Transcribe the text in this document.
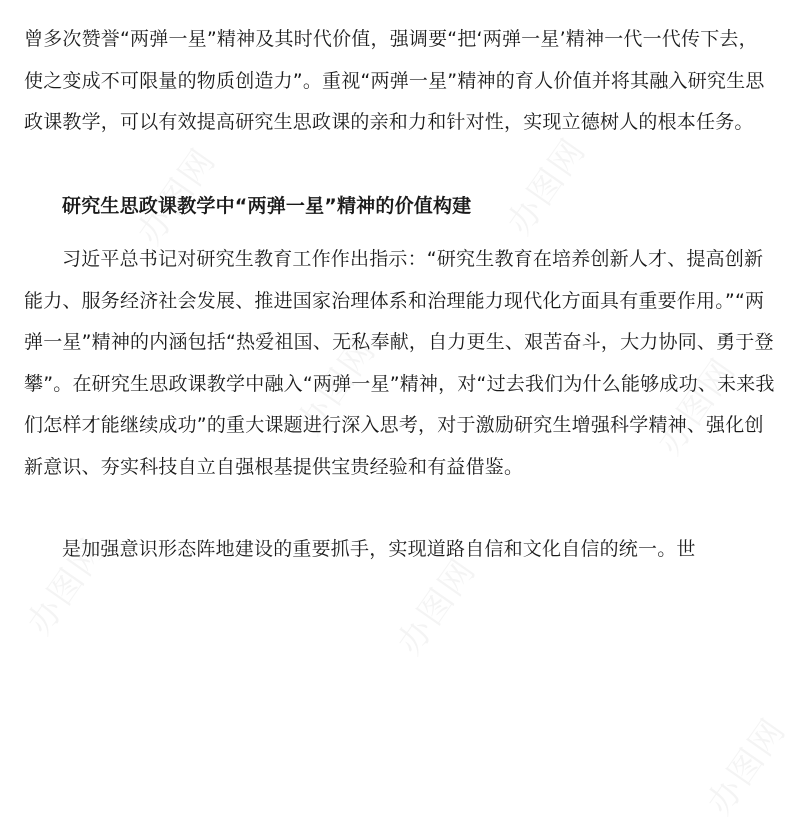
曾多次赞誉“两弹一星”精神及其时代价值，强调要“把‘两弹一星’精神一代一代传下去，使之变成不可限量的物质创造力”。重视“两弹一星”精神的育人价值并将其融入研究生思政课教学，可以有效提高研究生思政课的亲和力和针对性，实现立德树人的根本任务。

研究生思政课教学中“两弹一星”精神的价值构建

习近平总书记对研究生教育工作作出指示：“研究生教育在培养创新人才、提高创新能力、服务经济社会发展、推进国家治理体系和治理能力现代化方面具有重要作用。”“两弹一星”精神的内涵包括“热爱祖国、无私奉献，自力更生、艰苦奋斗，大力协同、勇于登攀”。在研究生思政课教学中融入“两弹一星”精神，对“过去我们为什么能够成功、未来我们怎样才能继续成功”的重大课题进行深入思考，对于激励研究生增强科学精神、强化创新意识、夯实科技自立自强根基提供宝贵经验和有益借鉴。

是加强意识形态阵地建设的重要抓手，实现道路自信和文化自信的统一。世

办图网	办图网
办图网	办图网
办图网	办图网
办图网
